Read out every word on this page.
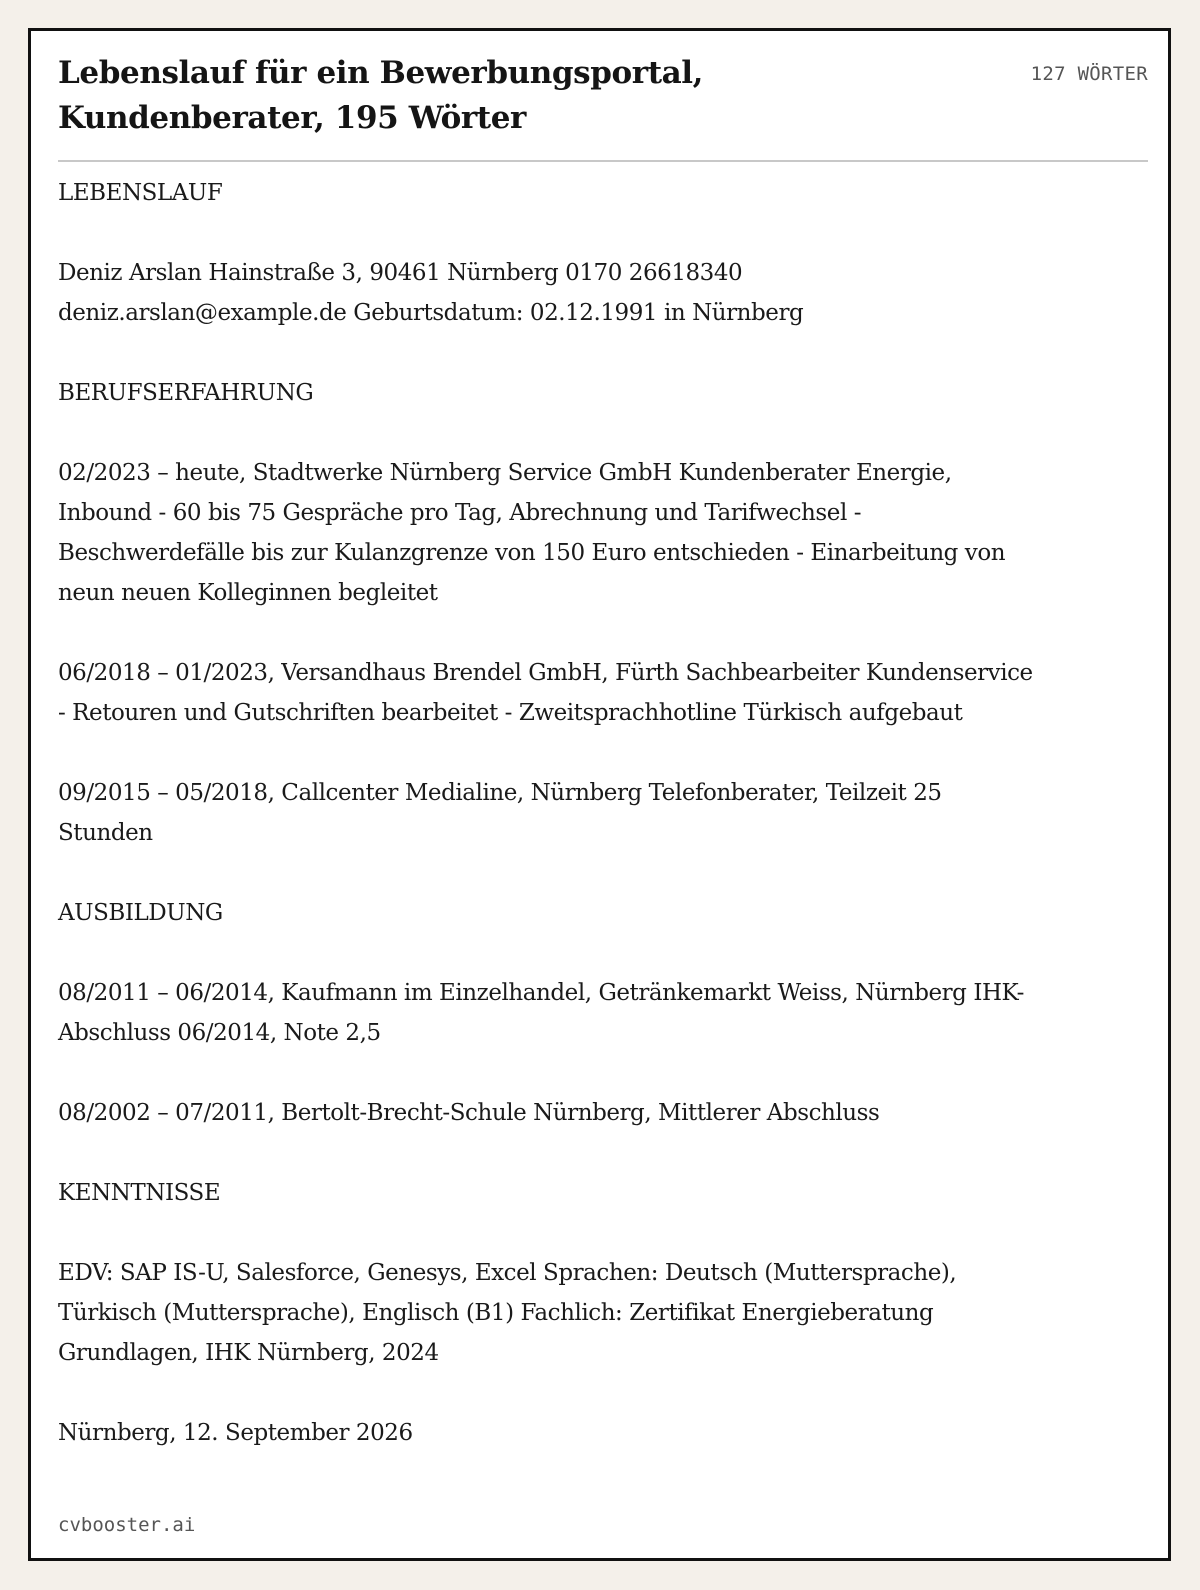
Lebenslauf für ein Bewerbungsportal, Kundenberater, 195 Wörter
127 WÖRTER

LEBENSLAUF

Deniz Arslan Hainstraße 3, 90461 Nürnberg 0170 26618340
deniz.arslan@example.de Geburtsdatum: 02.12.1991 in Nürnberg

BERUFSERFAHRUNG

02/2023 – heute, Stadtwerke Nürnberg Service GmbH Kundenberater Energie, Inbound - 60 bis 75 Gespräche pro Tag, Abrechnung und Tarifwechsel - Beschwerdefälle bis zur Kulanzgrenze von 150 Euro entschieden - Einarbeitung von neun neuen Kolleginnen begleitet

06/2018 – 01/2023, Versandhaus Brendel GmbH, Fürth Sachbearbeiter Kundenservice - Retouren und Gutschriften bearbeitet - Zweitsprachhotline Türkisch aufgebaut

09/2015 – 05/2018, Callcenter Medialine, Nürnberg Telefonberater, Teilzeit 25 Stunden

AUSBILDUNG

08/2011 – 06/2014, Kaufmann im Einzelhandel, Getränkemarkt Weiss, Nürnberg IHK-Abschluss 06/2014, Note 2,5

08/2002 – 07/2011, Bertolt-Brecht-Schule Nürnberg, Mittlerer Abschluss

KENNTNISSE

EDV: SAP IS-U, Salesforce, Genesys, Excel Sprachen: Deutsch (Muttersprache), Türkisch (Muttersprache), Englisch (B1) Fachlich: Zertifikat Energieberatung Grundlagen, IHK Nürnberg, 2024

Nürnberg, 12. September 2026

cvbooster.ai
